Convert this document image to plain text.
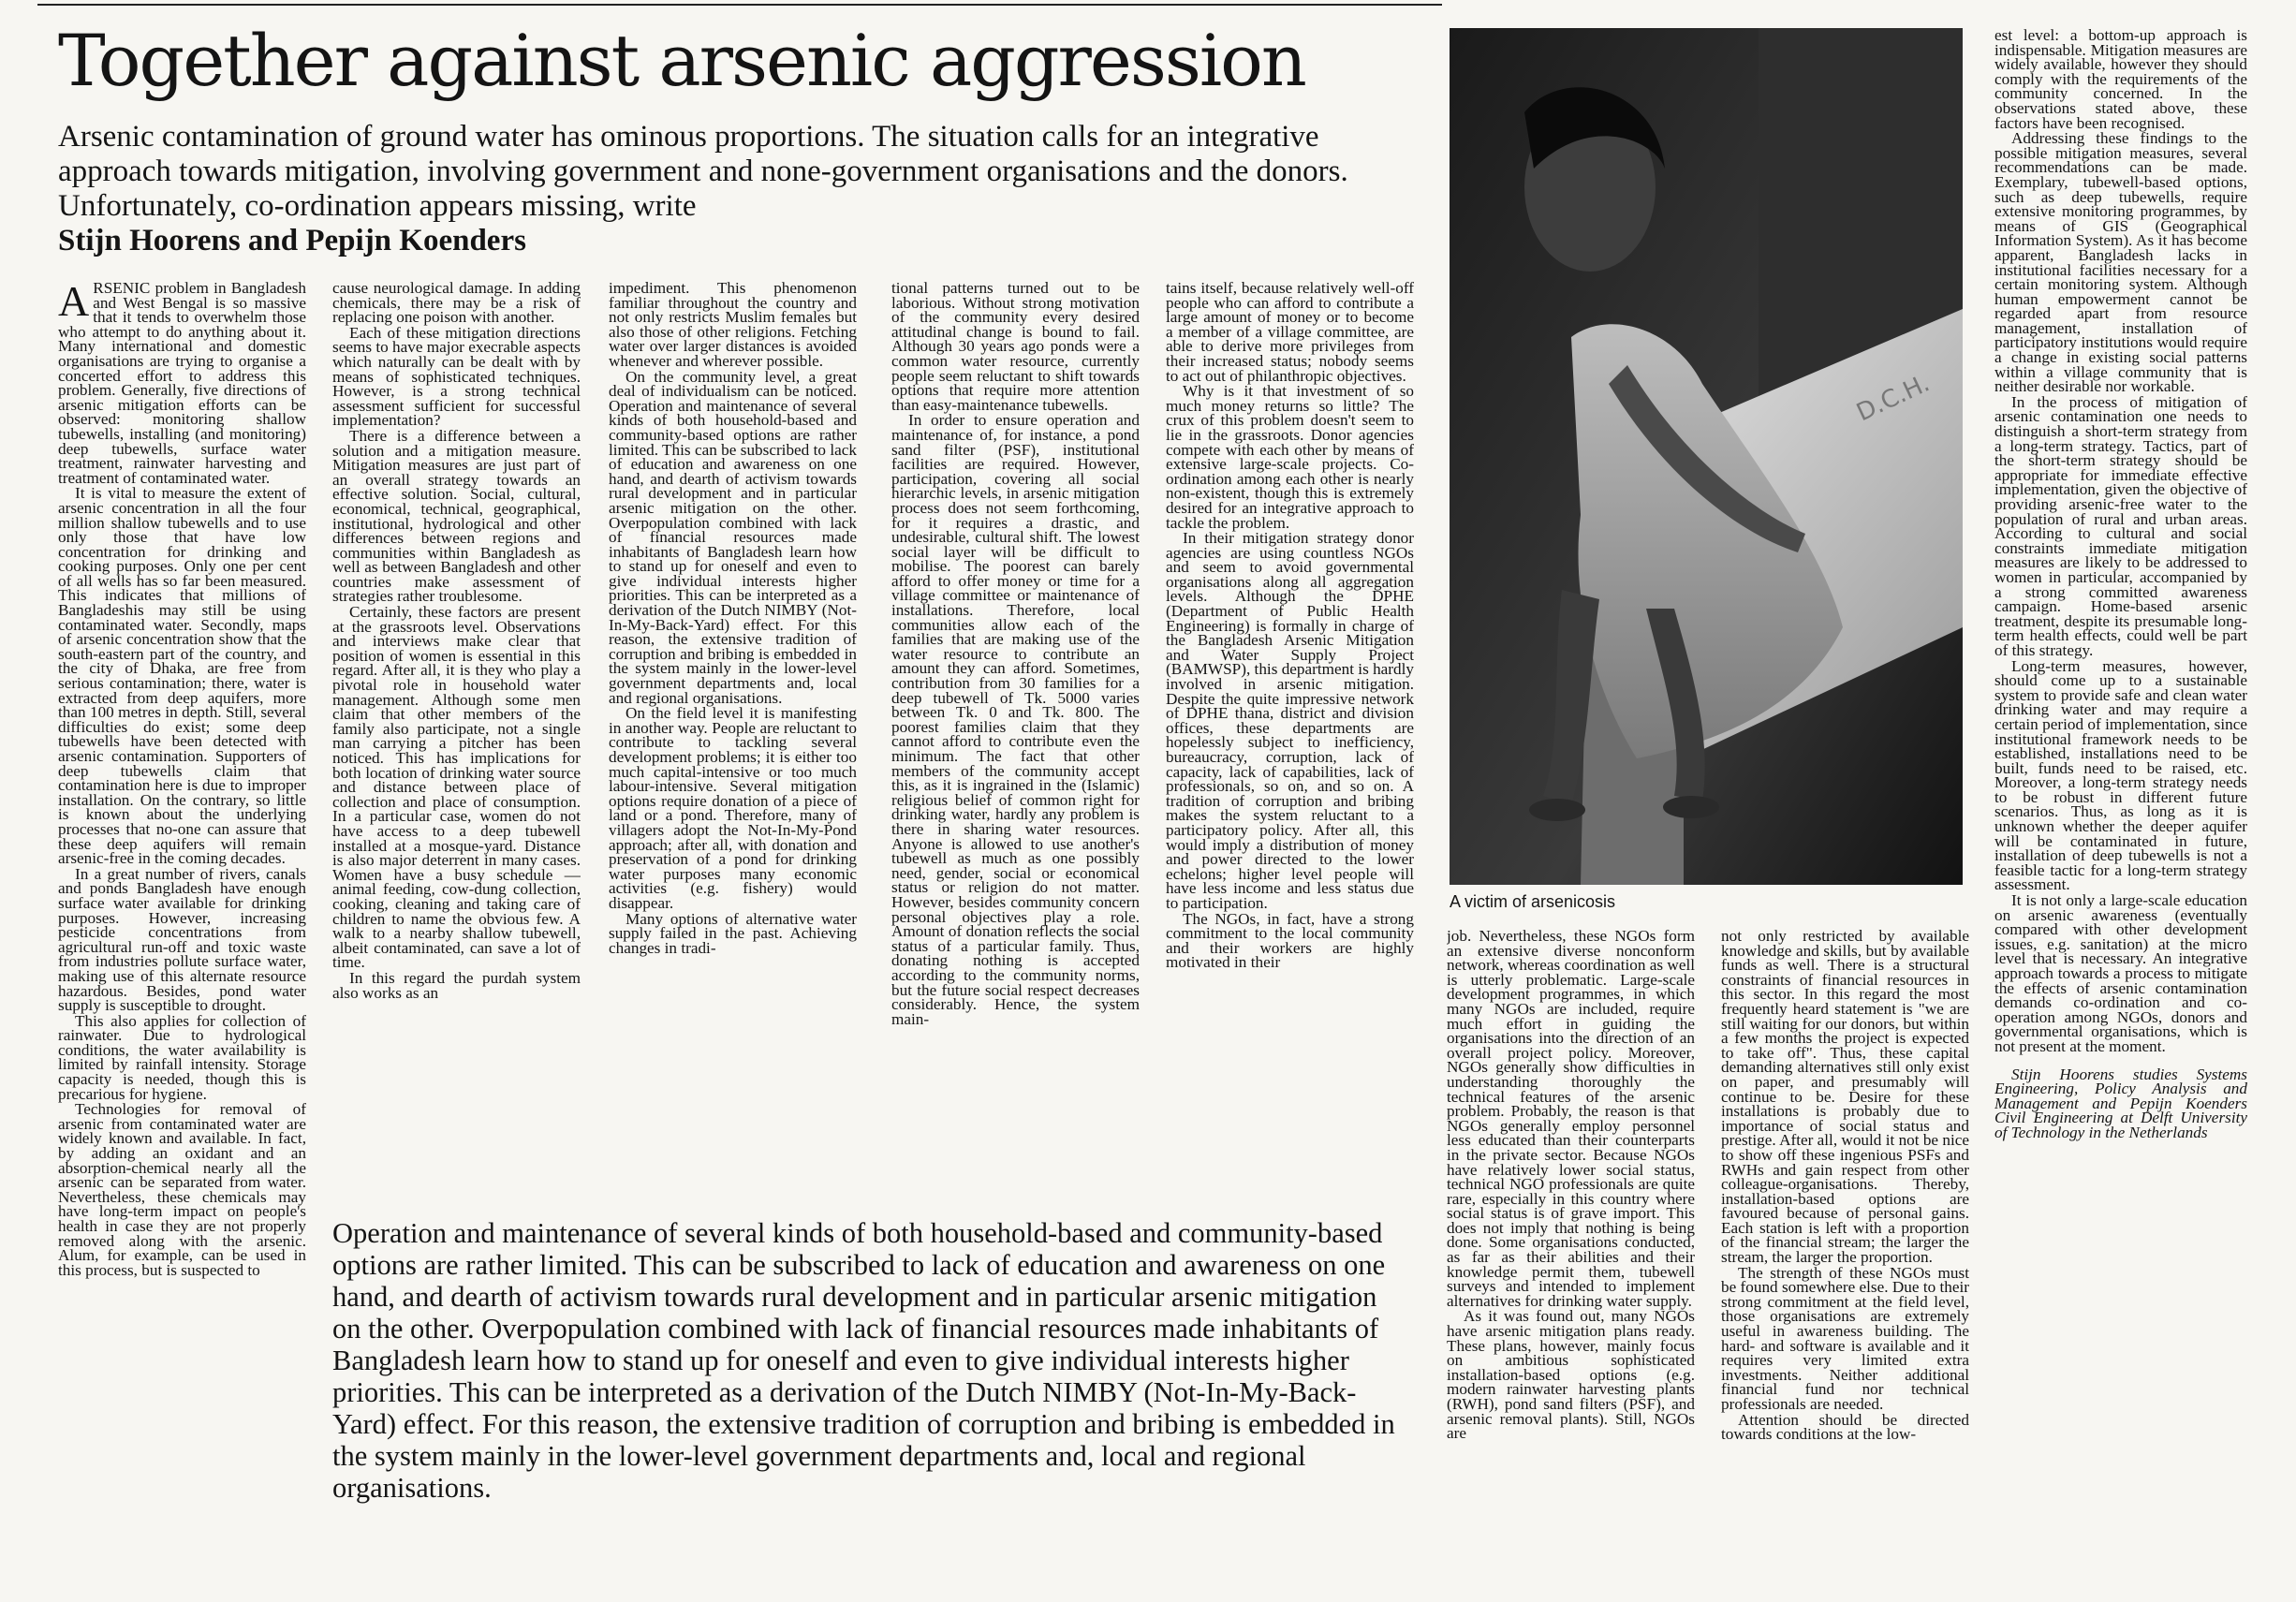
Together against arsenic aggression
Arsenic contamination of ground water has ominous proportions. The situation calls for an integrative approach towards mitigation, involving government and none-government organisations and the donors. Unfortunately, co-ordination appears missing, write
Stijn Hoorens and Pepijn Koenders

ARSENIC problem in Bangladesh and West Bengal is so massive that it tends to overwhelm those who attempt to do anything about it. Many international and domestic organisations are trying to organise a concerted effort to address this problem. Generally, five directions of arsenic mitigation efforts can be observed: monitoring shallow tubewells, installing (and monitoring) deep tubewells, surface water treatment, rainwater harvesting and treatment of contaminated water.

It is vital to measure the extent of arsenic concentration in all the four million shallow tubewells and to use only those that have low concentration for drinking and cooking purposes. Only one per cent of all wells has so far been measured. This indicates that millions of Bangladeshis may still be using contaminated water. Secondly, maps of arsenic concentration show that the south-eastern part of the country, and the city of Dhaka, are free from serious contamination; there, water is extracted from deep aquifers, more than 100 metres in depth. Still, several difficulties do exist; some deep tubewells have been detected with arsenic contamination. Supporters of deep tubewells claim that contamination here is due to improper installation. On the contrary, so little is known about the underlying processes that no-one can assure that these deep aquifers will remain arsenic-free in the coming decades.

In a great number of rivers, canals and ponds Bangladesh have enough surface water available for drinking purposes. However, increasing pesticide concentrations from agricultural run-off and toxic waste from industries pollute surface water, making use of this alternate resource hazardous. Besides, pond water supply is susceptible to drought.

This also applies for collection of rainwater. Due to hydrological conditions, the water availability is limited by rainfall intensity. Storage capacity is needed, though this is precarious for hygiene.

Technologies for removal of arsenic from contaminated water are widely known and available. In fact, by adding an oxidant and an absorption-chemical nearly all the arsenic can be separated from water. Nevertheless, these chemicals may have long-term impact on people's health in case they are not properly removed along with the arsenic. Alum, for example, can be used in this process, but is suspected to

cause neurological damage. In adding chemicals, there may be a risk of replacing one poison with another.

Each of these mitigation directions seems to have major execrable aspects which naturally can be dealt with by means of sophisticated techniques. However, is a strong technical assessment sufficient for successful implementation?

There is a difference between a solution and a mitigation measure. Mitigation measures are just part of an overall strategy towards an effective solution. Social, cultural, economical, technical, geographical, institutional, hydrological and other differences between regions and communities within Bangladesh as well as between Bangladesh and other countries make assessment of strategies rather troublesome.

Certainly, these factors are present at the grassroots level. Observations and interviews make clear that position of women is essential in this regard. After all, it is they who play a pivotal role in household water management. Although some men claim that other members of the family also participate, not a single man carrying a pitcher has been noticed. This has implications for both location of drinking water source and distance between place of collection and place of consumption. In a particular case, women do not have access to a deep tubewell installed at a mosque-yard. Distance is also major deterrent in many cases. Women have a busy schedule — animal feeding, cow-dung collection, cooking, cleaning and taking care of children to name the obvious few. A walk to a nearby shallow tubewell, albeit contaminated, can save a lot of time.

In this regard the purdah system also works as an

impediment. This phenomenon familiar throughout the country and not only restricts Muslim females but also those of other religions. Fetching water over larger distances is avoided whenever and wherever possible.

On the community level, a great deal of individualism can be noticed. Operation and maintenance of several kinds of both household-based and community-based options are rather limited. This can be subscribed to lack of education and awareness on one hand, and dearth of activism towards rural development and in particular arsenic mitigation on the other. Overpopulation combined with lack of financial resources made inhabitants of Bangladesh learn how to stand up for oneself and even to give individual interests higher priorities. This can be interpreted as a derivation of the Dutch NIMBY (Not-In-My-Back-Yard) effect. For this reason, the extensive tradition of corruption and bribing is embedded in the system mainly in the lower-level government departments and, local and regional organisations.

On the field level it is manifesting in another way. People are reluctant to contribute to tackling several development problems; it is either too much capital-intensive or too much labour-intensive. Several mitigation options require donation of a piece of land or a pond. Therefore, many of villagers adopt the Not-In-My-Pond approach; after all, with donation and preservation of a pond for drinking water purposes many economic activities (e.g. fishery) would disappear.

Many options of alternative water supply failed in the past. Achieving changes in tradi-

tional patterns turned out to be laborious. Without strong motivation of the community every desired attitudinal change is bound to fail. Although 30 years ago ponds were a common water resource, currently people seem reluctant to shift towards options that require more attention than easy-maintenance tubewells.

In order to ensure operation and maintenance of, for instance, a pond sand filter (PSF), institutional facilities are required. However, participation, covering all social hierarchic levels, in arsenic mitigation process does not seem forthcoming, for it requires a drastic, and undesirable, cultural shift. The lowest social layer will be difficult to mobilise. The poorest can barely afford to offer money or time for a village committee or maintenance of installations. Therefore, local communities allow each of the families that are making use of the water resource to contribute an amount they can afford. Sometimes, contribution from 30 families for a deep tubewell of Tk. 5000 varies between Tk. 0 and Tk. 800. The poorest families claim that they cannot afford to contribute even the minimum. The fact that other members of the community accept this, as it is ingrained in the (Islamic) religious belief of common right for drinking water, hardly any problem is there in sharing water resources. Anyone is allowed to use another's tubewell as much as one possibly need, gender, social or economical status or religion do not matter. However, besides community concern personal objectives play a role. Amount of donation reflects the social status of a particular family. Thus, donating nothing is accepted according to the community norms, but the future social respect decreases considerably. Hence, the system main-

tains itself, because relatively well-off people who can afford to contribute a large amount of money or to become a member of a village committee, are able to derive more privileges from their increased status; nobody seems to act out of philanthropic objectives.

Why is it that investment of so much money returns so little? The crux of this problem doesn't seem to lie in the grassroots. Donor agencies compete with each other by means of extensive large-scale projects. Co-ordination among each other is nearly non-existent, though this is extremely desired for an integrative approach to tackle the problem.

In their mitigation strategy donor agencies are using countless NGOs and seem to avoid governmental organisations along all aggregation levels. Although the DPHE (Department of Public Health Engineering) is formally in charge of the Bangladesh Arsenic Mitigation and Water Supply Project (BAMWSP), this department is hardly involved in arsenic mitigation. Despite the quite impressive network of DPHE thana, district and division offices, these departments are hopelessly subject to inefficiency, bureaucracy, corruption, lack of capacity, lack of capabilities, lack of professionals, so on, and so on. A tradition of corruption and bribing makes the system reluctant to a participatory policy. After all, this would imply a distribution of money and power directed to the lower echelons; higher level people will have less income and less status due to participation.

The NGOs, in fact, have a strong commitment to the local community and their workers are highly motivated in their

Operation and maintenance of several kinds of both household-based and community-based options are rather limited. This can be subscribed to lack of education and awareness on one hand, and dearth of activism towards rural development and in particular arsenic mitigation on the other. Overpopulation combined with lack of financial resources made inhabitants of Bangladesh learn how to stand up for oneself and even to give individual interests higher priorities. This can be interpreted as a derivation of the Dutch NIMBY (Not-In-My-Back-Yard) effect. For this reason, the extensive tradition of corruption and bribing is embedded in the system mainly in the lower-level government departments and, local and regional organisations.
D.C.H.
A victim of arsenicosis

job. Nevertheless, these NGOs form an extensive diverse nonconform network, whereas coordination as well is utterly problematic. Large-scale development programmes, in which many NGOs are included, require much effort in guiding the organisations into the direction of an overall project policy. Moreover, NGOs generally show difficulties in understanding thoroughly the technical features of the arsenic problem. Probably, the reason is that NGOs generally employ personnel less educated than their counterparts in the private sector. Because NGOs have relatively lower social status, technical NGO professionals are quite rare, especially in this country where social status is of grave import. This does not imply that nothing is being done. Some organisations conducted, as far as their abilities and their knowledge permit them, tubewell surveys and intended to implement alternatives for drinking water supply.

As it was found out, many NGOs have arsenic mitigation plans ready. These plans, however, mainly focus on ambitious sophisticated installation-based options (e.g. modern rainwater harvesting plants (RWH), pond sand filters (PSF), and arsenic removal plants). Still, NGOs are

not only restricted by available knowledge and skills, but by available funds as well. There is a structural constraints of financial resources in this sector. In this regard the most frequently heard statement is "we are still waiting for our donors, but within a few months the project is expected to take off". Thus, these capital demanding alternatives still only exist on paper, and presumably will continue to be. Desire for these installations is probably due to importance of social status and prestige. After all, would it not be nice to show off these ingenious PSFs and RWHs and gain respect from other colleague-organisations. Thereby, installation-based options are favoured because of personal gains. Each station is left with a proportion of the financial stream; the larger the stream, the larger the proportion.

The strength of these NGOs must be found somewhere else. Due to their strong commitment at the field level, those organisations are extremely useful in awareness building. The hard- and software is available and it requires very limited extra investments. Neither additional financial fund nor technical professionals are needed.

Attention should be directed towards conditions at the low-

est level: a bottom-up approach is indispensable. Mitigation measures are widely available, however they should comply with the requirements of the community concerned. In the observations stated above, these factors have been recognised.

Addressing these findings to the possible mitigation measures, several recommendations can be made. Exemplary, tubewell-based options, such as deep tubewells, require extensive monitoring programmes, by means of GIS (Geographical Information System). As it has become apparent, Bangladesh lacks in institutional facilities necessary for a certain monitoring system. Although human empowerment cannot be regarded apart from resource management, installation of participatory institutions would require a change in existing social patterns within a village community that is neither desirable nor workable.

In the process of mitigation of arsenic contamination one needs to distinguish a short-term strategy from a long-term strategy. Tactics, part of the short-term strategy should be appropriate for immediate effective implementation, given the objective of providing arsenic-free water to the population of rural and urban areas. According to cultural and social constraints immediate mitigation measures are likely to be addressed to women in particular, accompanied by a strong committed awareness campaign. Home-based arsenic treatment, despite its presumable long-term health effects, could well be part of this strategy.

Long-term measures, however, should come up to a sustainable system to provide safe and clean water drinking water and may require a certain period of implementation, since institutional framework needs to be established, installations need to be built, funds need to be raised, etc. Moreover, a long-term strategy needs to be robust in different future scenarios. Thus, as long as it is unknown whether the deeper aquifer will be contaminated in future, installation of deep tubewells is not a feasible tactic for a long-term strategy assessment.

It is not only a large-scale education on arsenic awareness (eventually compared with other development issues, e.g. sanitation) at the micro level that is necessary. An integrative approach towards a process to mitigate the effects of arsenic contamination demands co-ordination and co-operation among NGOs, donors and governmental organisations, which is not present at the moment.

Stijn Hoorens studies Systems Engineering, Policy Analysis and Management and Pepijn Koenders Civil Engineering at Delft University of Technology in the Netherlands
